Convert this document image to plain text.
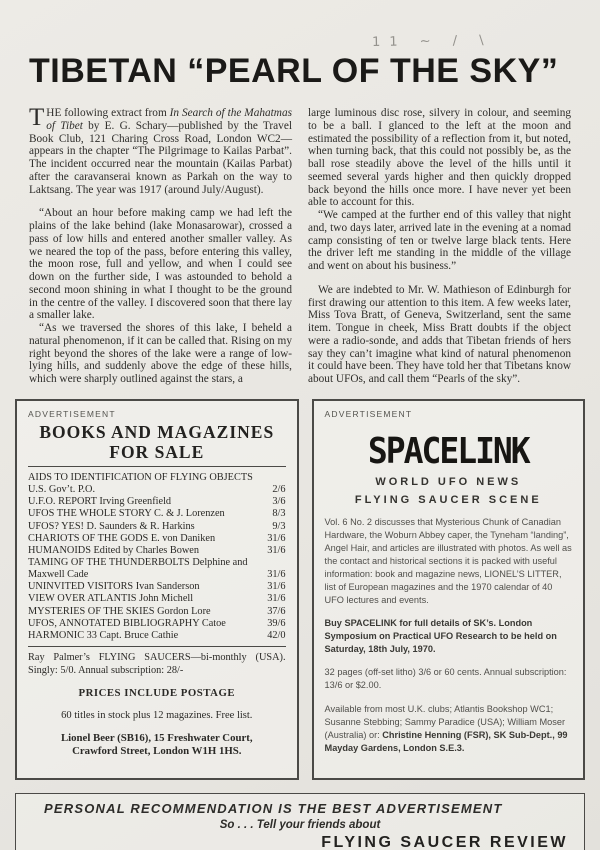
11 ~ / \
TIBETAN “PEARL OF THE SKY”

THE following extract from In Search of the Mahatmas of Tibet by E. G. Schary—published by the Travel Book Club, 121 Charing Cross Road, London WC2—appears in the chapter “The Pilgrimage to Kailas Parbat”. The incident occurred near the mountain (Kailas Parbat) after the caravanserai known as Parkah on the way to Laktsang. The year was 1917 (around July/August).

“About an hour before making camp we had left the plains of the lake behind (lake Monasarowar), crossed a pass of low hills and entered another smaller valley. As we neared the top of the pass, before entering this valley, the moon rose, full and yellow, and when I could see down on the further side, I was astounded to behold a second moon shining in what I thought to be the ground in the centre of the valley. I discovered soon that there lay a smaller lake.

“As we traversed the shores of this lake, I beheld a natural phenomenon, if it can be called that. Rising on my right beyond the shores of the lake were a range of low-lying hills, and suddenly above the edge of these hills, which were sharply outlined against the stars, a

large luminous disc rose, silvery in colour, and seeming to be a ball. I glanced to the left at the moon and estimated the possibility of a reflection from it, but noted, when turning back, that this could not possibly be, as the ball rose steadily above the level of the hills until it seemed several yards higher and then quickly dropped back beyond the hills once more. I have never yet been able to account for this.

“We camped at the further end of this valley that night and, two days later, arrived late in the evening at a nomad camp consisting of ten or twelve large black tents. Here the driver left me standing in the middle of the village and went on about his business.”

We are indebted to Mr. W. Mathieson of Edinburgh for first drawing our attention to this item. A few weeks later, Miss Tova Bratt, of Geneva, Switzerland, sent the same item. Tongue in cheek, Miss Bratt doubts if the object were a radio-sonde, and adds that Tibetan friends of hers say they can’t imagine what kind of natural phenomenon it could have been. They have told her that Tibetans know about UFOs, and call them “Pearls of the sky”.

ADVERTISEMENT
BOOKS AND MAGAZINES
FOR SALE
AIDS TO IDENTIFICATION OF FLYING OBJECTS U.S. Gov’t. P.O.	2/6
U.F.O. REPORT Irving Greenfield	3/6
UFOS THE WHOLE STORY C. & J. Lorenzen	8/3
UFOS? YES! D. Saunders & R. Harkins	9/3
CHARIOTS OF THE GODS E. von Daniken	31/6
HUMANOIDS Edited by Charles Bowen	31/6
TAMING OF THE THUNDERBOLTS Delphine and Maxwell Cade	31/6
UNINVITED VISITORS Ivan Sanderson	31/6
VIEW OVER ATLANTIS John Michell	31/6
MYSTERIES OF THE SKIES Gordon Lore	37/6
UFOS, ANNOTATED BIBLIOGRAPHY Catoe	39/6
HARMONIC 33 Capt. Bruce Cathie	42/0

Ray Palmer’s FLYING SAUCERS—bi-monthly (USA). Singly: 5/0. Annual subscription: 28/-

PRICES INCLUDE POSTAGE

60 titles in stock plus 12 magazines. Free list.

Lionel Beer (SB16), 15 Freshwater Court,
Crawford Street, London W1H 1HS.

ADVERTISEMENT
SPACELINK
WORLD UFO NEWS
FLYING SAUCER SCENE

Vol. 6 No. 2 discusses that Mysterious Chunk of Canadian Hardware, the Woburn Abbey caper, the Tyneham “landing”, Angel Hair, and articles are illustrated with photos. As well as the contact and historical sections it is packed with useful information: book and magazine news, LIONEL’S LITTER, list of European magazines and the 1970 calendar of 40 UFO lectures and events.

Buy SPACELINK for full details of SK’s. London Symposium on Practical UFO Research to be held on Saturday, 18th July, 1970.

32 pages (off-set litho) 3/6 or 60 cents. Annual subscription: 13/6 or $2.00.

Available from most U.K. clubs; Atlantis Bookshop WC1; Susanne Stebbing; Sammy Paradice (USA); William Moser (Australia) or: Christine Henning (FSR), SK Sub-Dept., 99 Mayday Gardens, London S.E.3.

PERSONAL RECOMMENDATION IS THE BEST ADVERTISEMENT
So . . . Tell your friends about
FLYING SAUCER REVIEW
